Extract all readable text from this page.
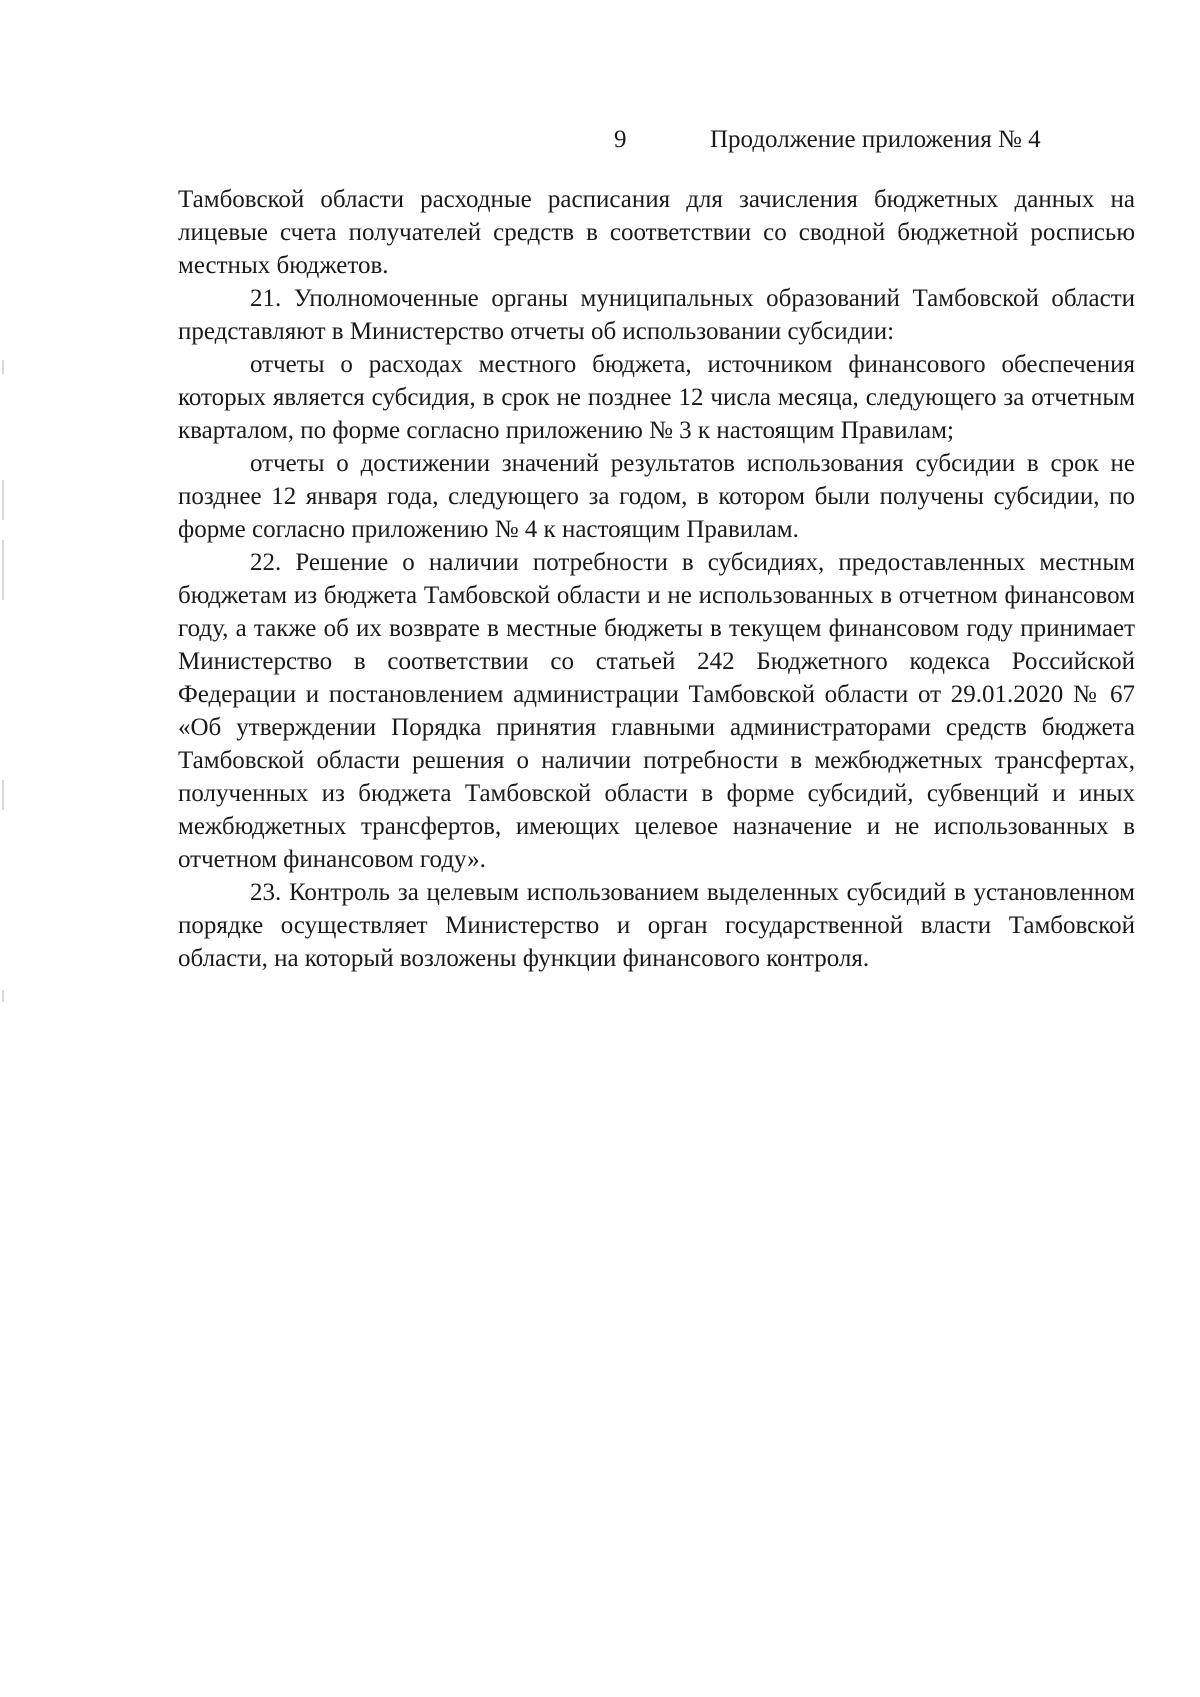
9	Продолжение приложения № 4

Тамбовской области расходные расписания для зачисления бюджетных данных на лицевые счета получателей средств в соответствии со сводной бюджетной росписью местных бюджетов.

21. Уполномоченные органы муниципальных образований Тамбовской области представляют в Министерство отчеты об использовании субсидии:

отчеты о расходах местного бюджета, источником финансового обеспечения которых является субсидия, в срок не позднее 12 числа месяца, следующего за отчетным кварталом, по форме согласно приложению № 3 к настоящим Правилам;

отчеты о достижении значений результатов использования субсидии в срок не позднее 12 января года, следующего за годом, в котором были получены субсидии, по форме согласно приложению № 4 к настоящим Правилам.

22. Решение о наличии потребности в субсидиях, предоставленных местным бюджетам из бюджета Тамбовской области и не использованных в отчетном финансовом году, а также об их возврате в местные бюджеты в текущем финансовом году принимает Министерство в соответствии со статьей 242 Бюджетного кодекса Российской Федерации и постановлением администрации Тамбовской области от 29.01.2020 № 67 «Об утверждении Порядка принятия главными администраторами средств бюджета Тамбовской области решения о наличии потребности в межбюджетных трансфертах, полученных из бюджета Тамбовской области в форме субсидий, субвенций и иных межбюджетных трансфертов, имеющих целевое назначение и не использованных в отчетном финансовом году».

23. Контроль за целевым использованием выделенных субсидий в установленном порядке осуществляет Министерство и орган государственной власти Тамбовской области, на который возложены функции финансового контроля.
